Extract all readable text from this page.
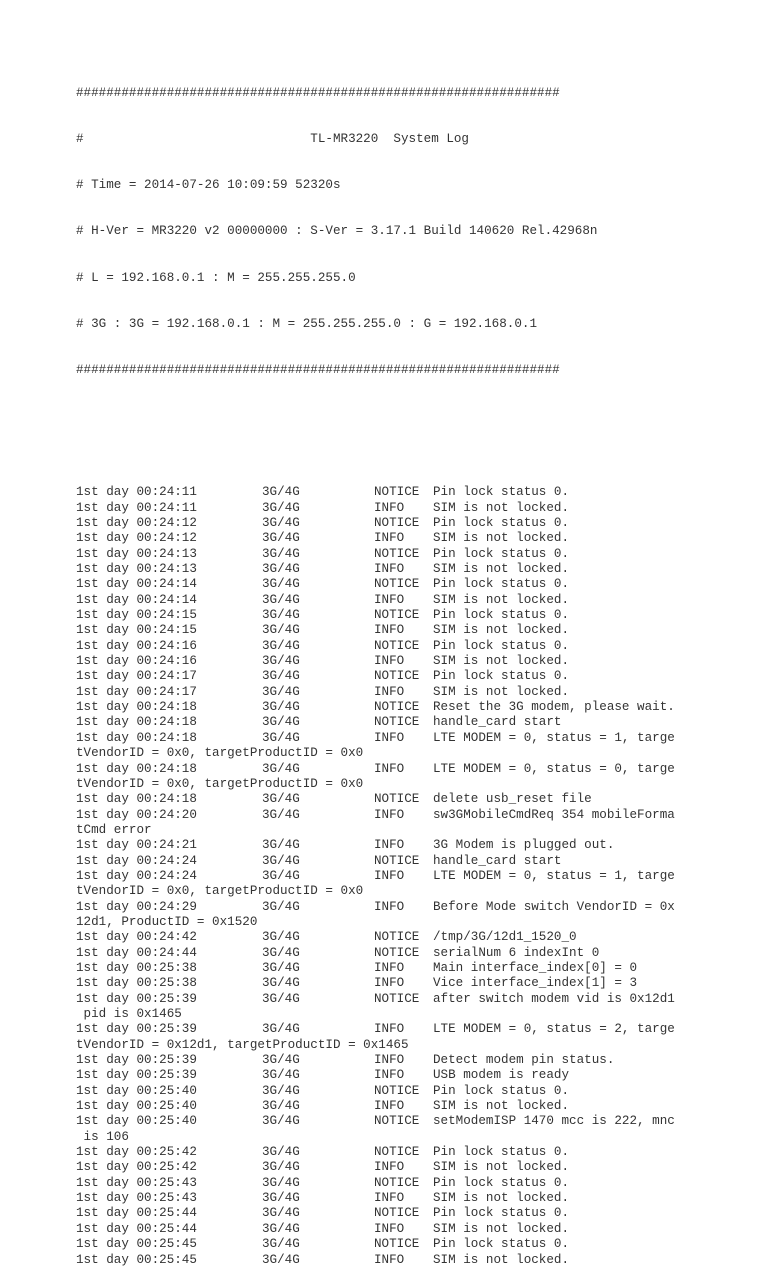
################################################################

#                              TL-MR3220  System Log

# Time = 2014-07-26 10:09:59 52320s

# H-Ver = MR3220 v2 00000000 : S-Ver = 3.17.1 Build 140620 Rel.42968n

# L = 192.168.0.1 : M = 255.255.255.0

# 3G : 3G = 192.168.0.1 : M = 255.255.255.0 : G = 192.168.0.1

################################################################

1st day 00:24:11	3G/4G	NOTICE Pin lock status 0.
1st day 00:24:11	3G/4G	INFO SIM is not locked.
1st day 00:24:12	3G/4G	NOTICE Pin lock status 0.
1st day 00:24:12	3G/4G	INFO SIM is not locked.
1st day 00:24:13	3G/4G	NOTICE Pin lock status 0.
1st day 00:24:13	3G/4G	INFO SIM is not locked.
1st day 00:24:14	3G/4G	NOTICE Pin lock status 0.
1st day 00:24:14	3G/4G	INFO SIM is not locked.
1st day 00:24:15	3G/4G	NOTICE Pin lock status 0.
1st day 00:24:15	3G/4G	INFO SIM is not locked.
1st day 00:24:16	3G/4G	NOTICE Pin lock status 0.
1st day 00:24:16	3G/4G	INFO SIM is not locked.
1st day 00:24:17	3G/4G	NOTICE Pin lock status 0.
1st day 00:24:17	3G/4G	INFO SIM is not locked.
1st day 00:24:18	3G/4G	NOTICE Reset the 3G modem, please wait.
1st day 00:24:18	3G/4G	NOTICE handle_card start
1st day 00:24:18	3G/4G	INFO LTE MODEM = 0, status = 1, targe
tVendorID = 0x0, targetProductID = 0x0
1st day 00:24:18	3G/4G	INFO LTE MODEM = 0, status = 0, targe
tVendorID = 0x0, targetProductID = 0x0
1st day 00:24:18	3G/4G	NOTICE delete usb_reset file
1st day 00:24:20	3G/4G	INFO sw3GMobileCmdReq 354 mobileForma
tCmd error
1st day 00:24:21	3G/4G	INFO 3G Modem is plugged out.
1st day 00:24:24	3G/4G	NOTICE handle_card start
1st day 00:24:24	3G/4G	INFO LTE MODEM = 0, status = 1, targe
tVendorID = 0x0, targetProductID = 0x0
1st day 00:24:29	3G/4G	INFO Before Mode switch VendorID = 0x
12d1, ProductID = 0x1520
1st day 00:24:42	3G/4G	NOTICE /tmp/3G/12d1_1520_0
1st day 00:24:44	3G/4G	NOTICE serialNum 6 indexInt 0
1st day 00:25:38	3G/4G	INFO Main interface_index[0] = 0
1st day 00:25:38	3G/4G	INFO Vice interface_index[1] = 3
1st day 00:25:39	3G/4G	NOTICE after switch modem vid is 0x12d1
pid is 0x1465
1st day 00:25:39	3G/4G	INFO LTE MODEM = 0, status = 2, targe
tVendorID = 0x12d1, targetProductID = 0x1465
1st day 00:25:39	3G/4G	INFO Detect modem pin status.
1st day 00:25:39	3G/4G	INFO USB modem is ready
1st day 00:25:40	3G/4G	NOTICE Pin lock status 0.
1st day 00:25:40	3G/4G	INFO SIM is not locked.
1st day 00:25:40	3G/4G	NOTICE setModemISP 1470 mcc is 222, mnc
is 106
1st day 00:25:42	3G/4G	NOTICE Pin lock status 0.
1st day 00:25:42	3G/4G	INFO SIM is not locked.
1st day 00:25:43	3G/4G	NOTICE Pin lock status 0.
1st day 00:25:43	3G/4G	INFO SIM is not locked.
1st day 00:25:44	3G/4G	NOTICE Pin lock status 0.
1st day 00:25:44	3G/4G	INFO SIM is not locked.
1st day 00:25:45	3G/4G	NOTICE Pin lock status 0.
1st day 00:25:45	3G/4G	INFO SIM is not locked.
